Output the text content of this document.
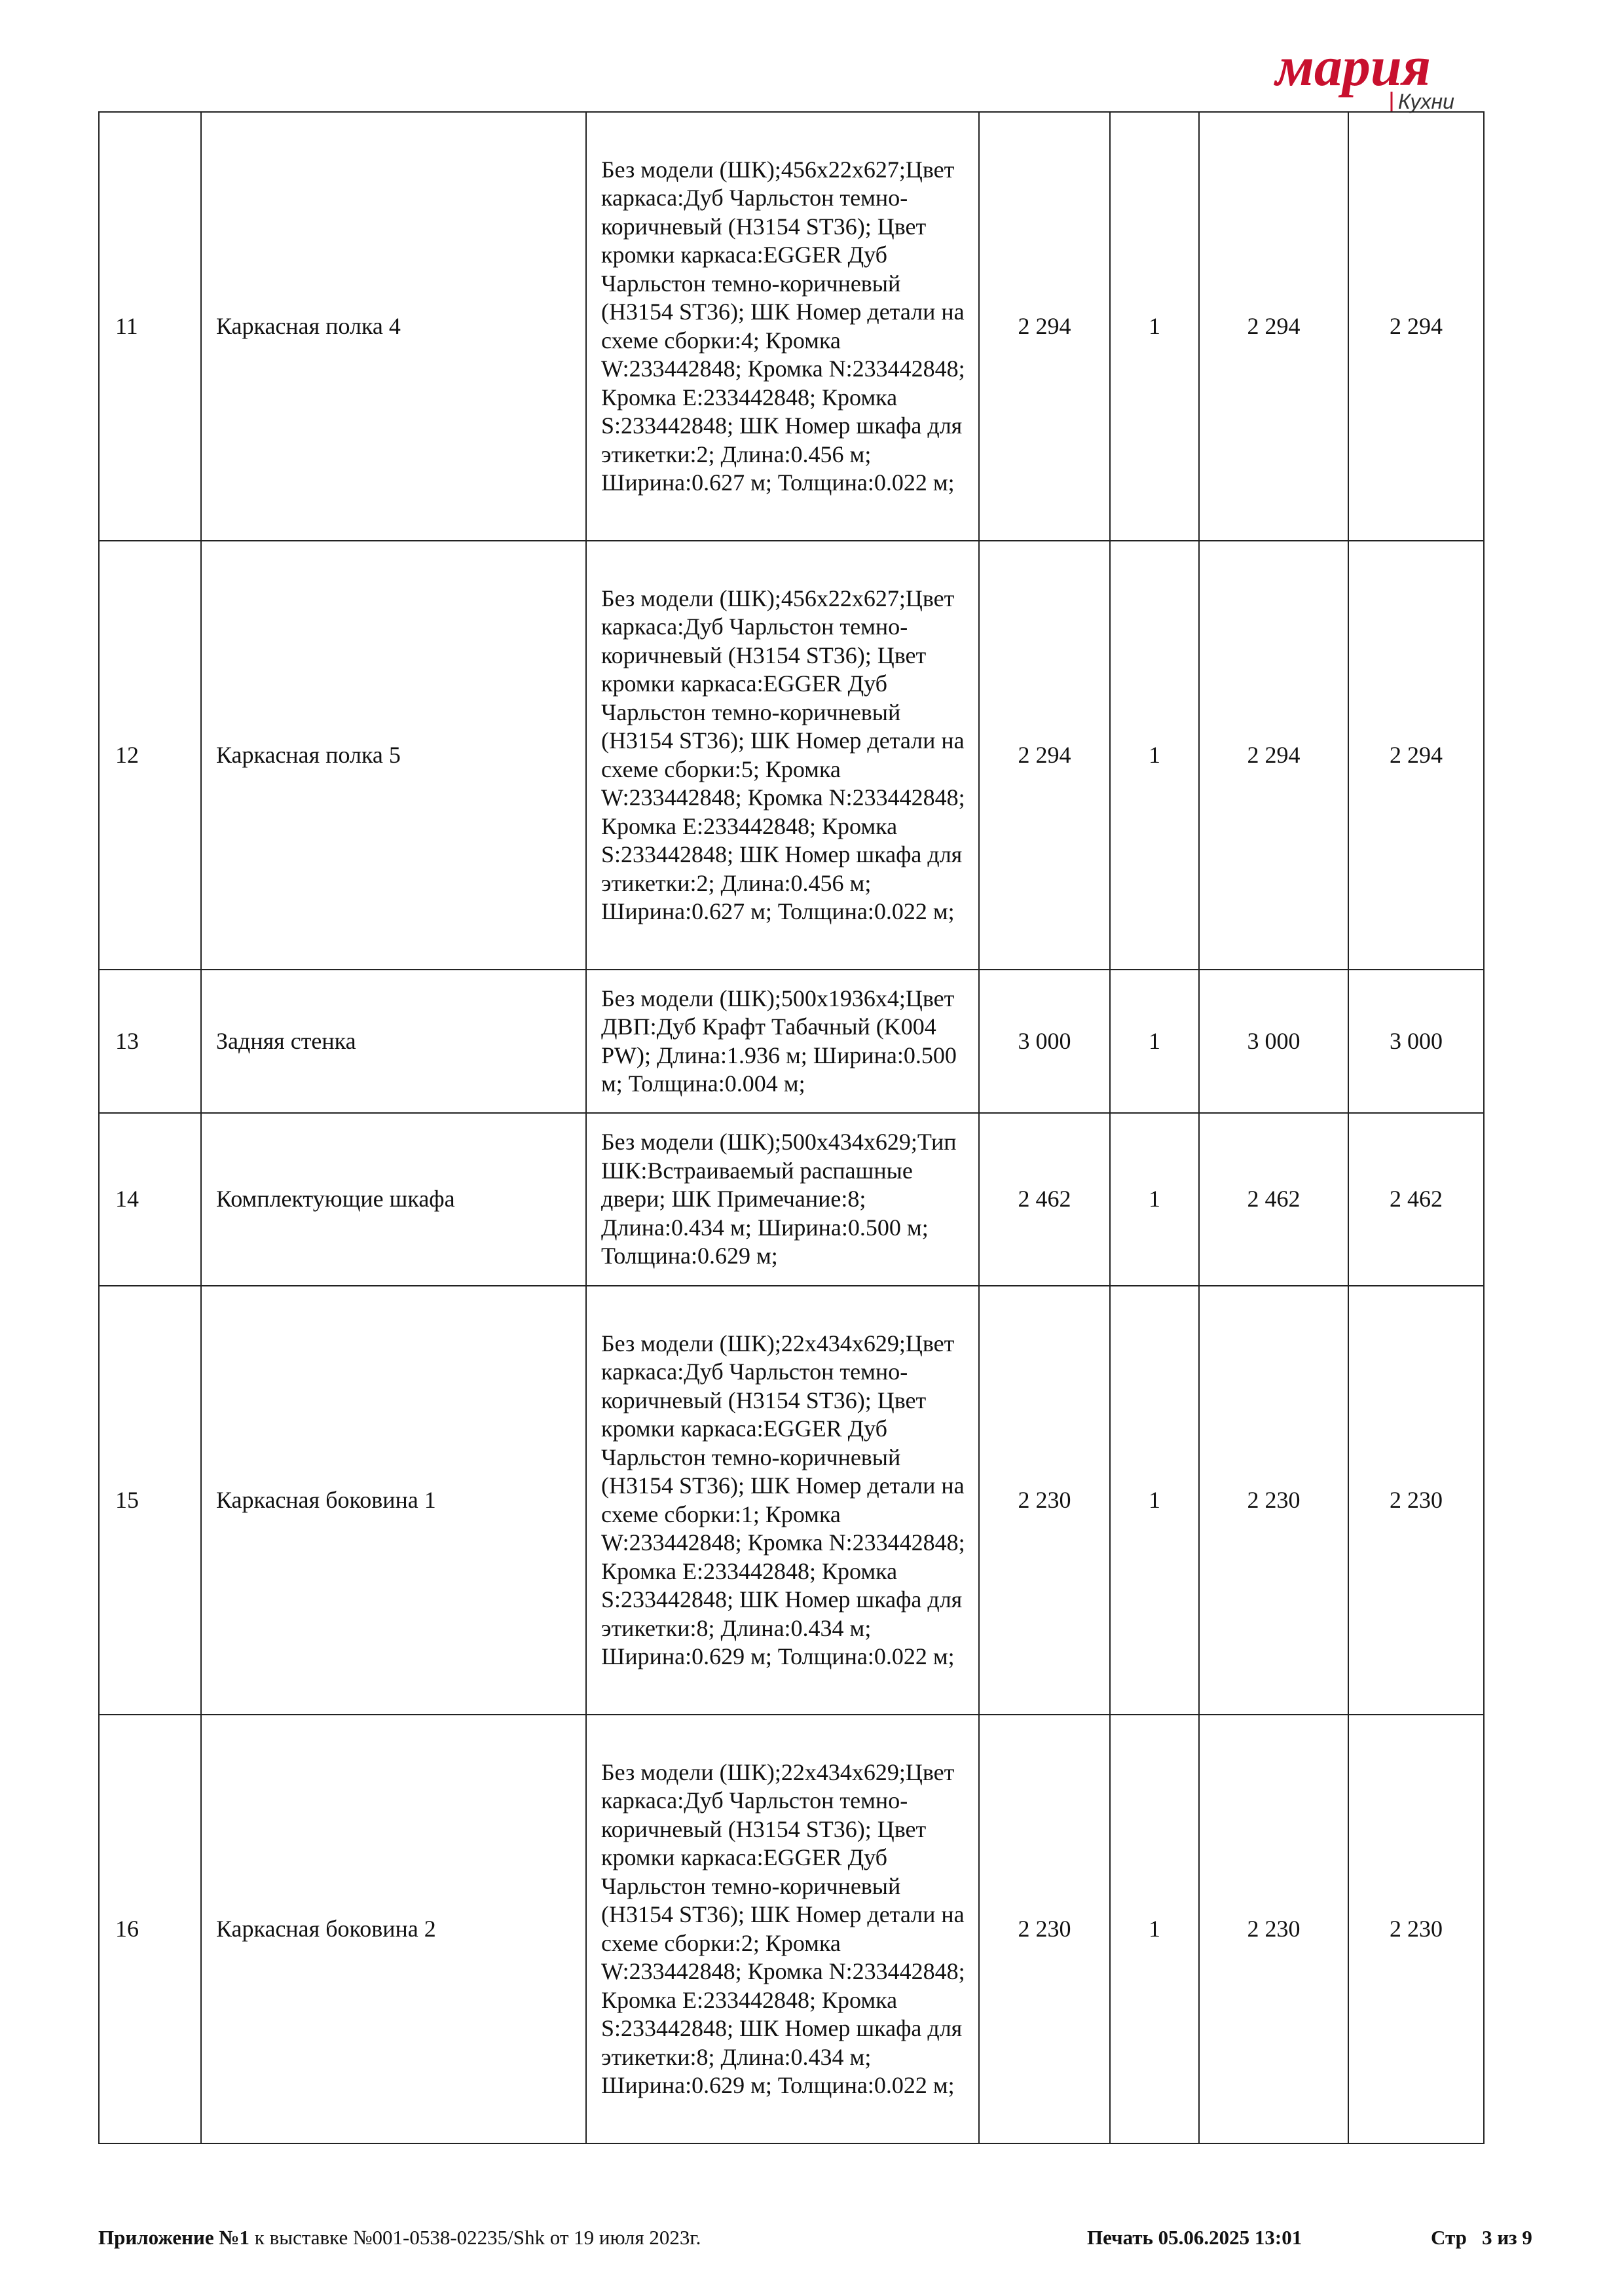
мария
Кухни
11	Каркасная полка 4	Без модели (ШК);456x22x627;Цвет каркаса:Дуб Чарльстон темно-коричневый (H3154 ST36); Цвет кромки каркаса:EGGER Дуб Чарльстон темно-коричневый (H3154 ST36); ШК Номер детали на схеме сборки:4; Кромка W:233442848; Кромка N:233442848; Кромка E:233442848; Кромка S:233442848; ШК Номер шкафа для этикетки:2; Длина:0.456 м; Ширина:0.627 м; Толщина:0.022 м;	2 294	1	2 294	2 294
12	Каркасная полка 5	Без модели (ШК);456x22x627;Цвет каркаса:Дуб Чарльстон темно-коричневый (H3154 ST36); Цвет кромки каркаса:EGGER Дуб Чарльстон темно-коричневый (H3154 ST36); ШК Номер детали на схеме сборки:5; Кромка W:233442848; Кромка N:233442848; Кромка E:233442848; Кромка S:233442848; ШК Номер шкафа для этикетки:2; Длина:0.456 м; Ширина:0.627 м; Толщина:0.022 м;	2 294	1	2 294	2 294
13	Задняя стенка	Без модели (ШК);500x1936x4;Цвет ДВП:Дуб Крафт Табачный (K004 PW); Длина:1.936 м; Ширина:0.500 м; Толщина:0.004 м;	3 000	1	3 000	3 000
14	Комплектующие шкафа	Без модели (ШК);500x434x629;Тип ШК:Встраиваемый распашные двери; ШК Примечание:8; Длина:0.434 м; Ширина:0.500 м; Толщина:0.629 м;	2 462	1	2 462	2 462
15	Каркасная боковина 1	Без модели (ШК);22x434x629;Цвет каркаса:Дуб Чарльстон темно-коричневый (H3154 ST36); Цвет кромки каркаса:EGGER Дуб Чарльстон темно-коричневый (H3154 ST36); ШК Номер детали на схеме сборки:1; Кромка W:233442848; Кромка N:233442848; Кромка E:233442848; Кромка S:233442848; ШК Номер шкафа для этикетки:8; Длина:0.434 м; Ширина:0.629 м; Толщина:0.022 м;	2 230	1	2 230	2 230
16	Каркасная боковина 2	Без модели (ШК);22x434x629;Цвет каркаса:Дуб Чарльстон темно-коричневый (H3154 ST36); Цвет кромки каркаса:EGGER Дуб Чарльстон темно-коричневый (H3154 ST36); ШК Номер детали на схеме сборки:2; Кромка W:233442848; Кромка N:233442848; Кромка E:233442848; Кромка S:233442848; ШК Номер шкафа для этикетки:8; Длина:0.434 м; Ширина:0.629 м; Толщина:0.022 м;	2 230	1	2 230	2 230
Приложение №1 к выставке №001-0538-02235/Shk от 19 июля 2023г.	Печать 05.06.2025 13:01	Стр   3 из 9
